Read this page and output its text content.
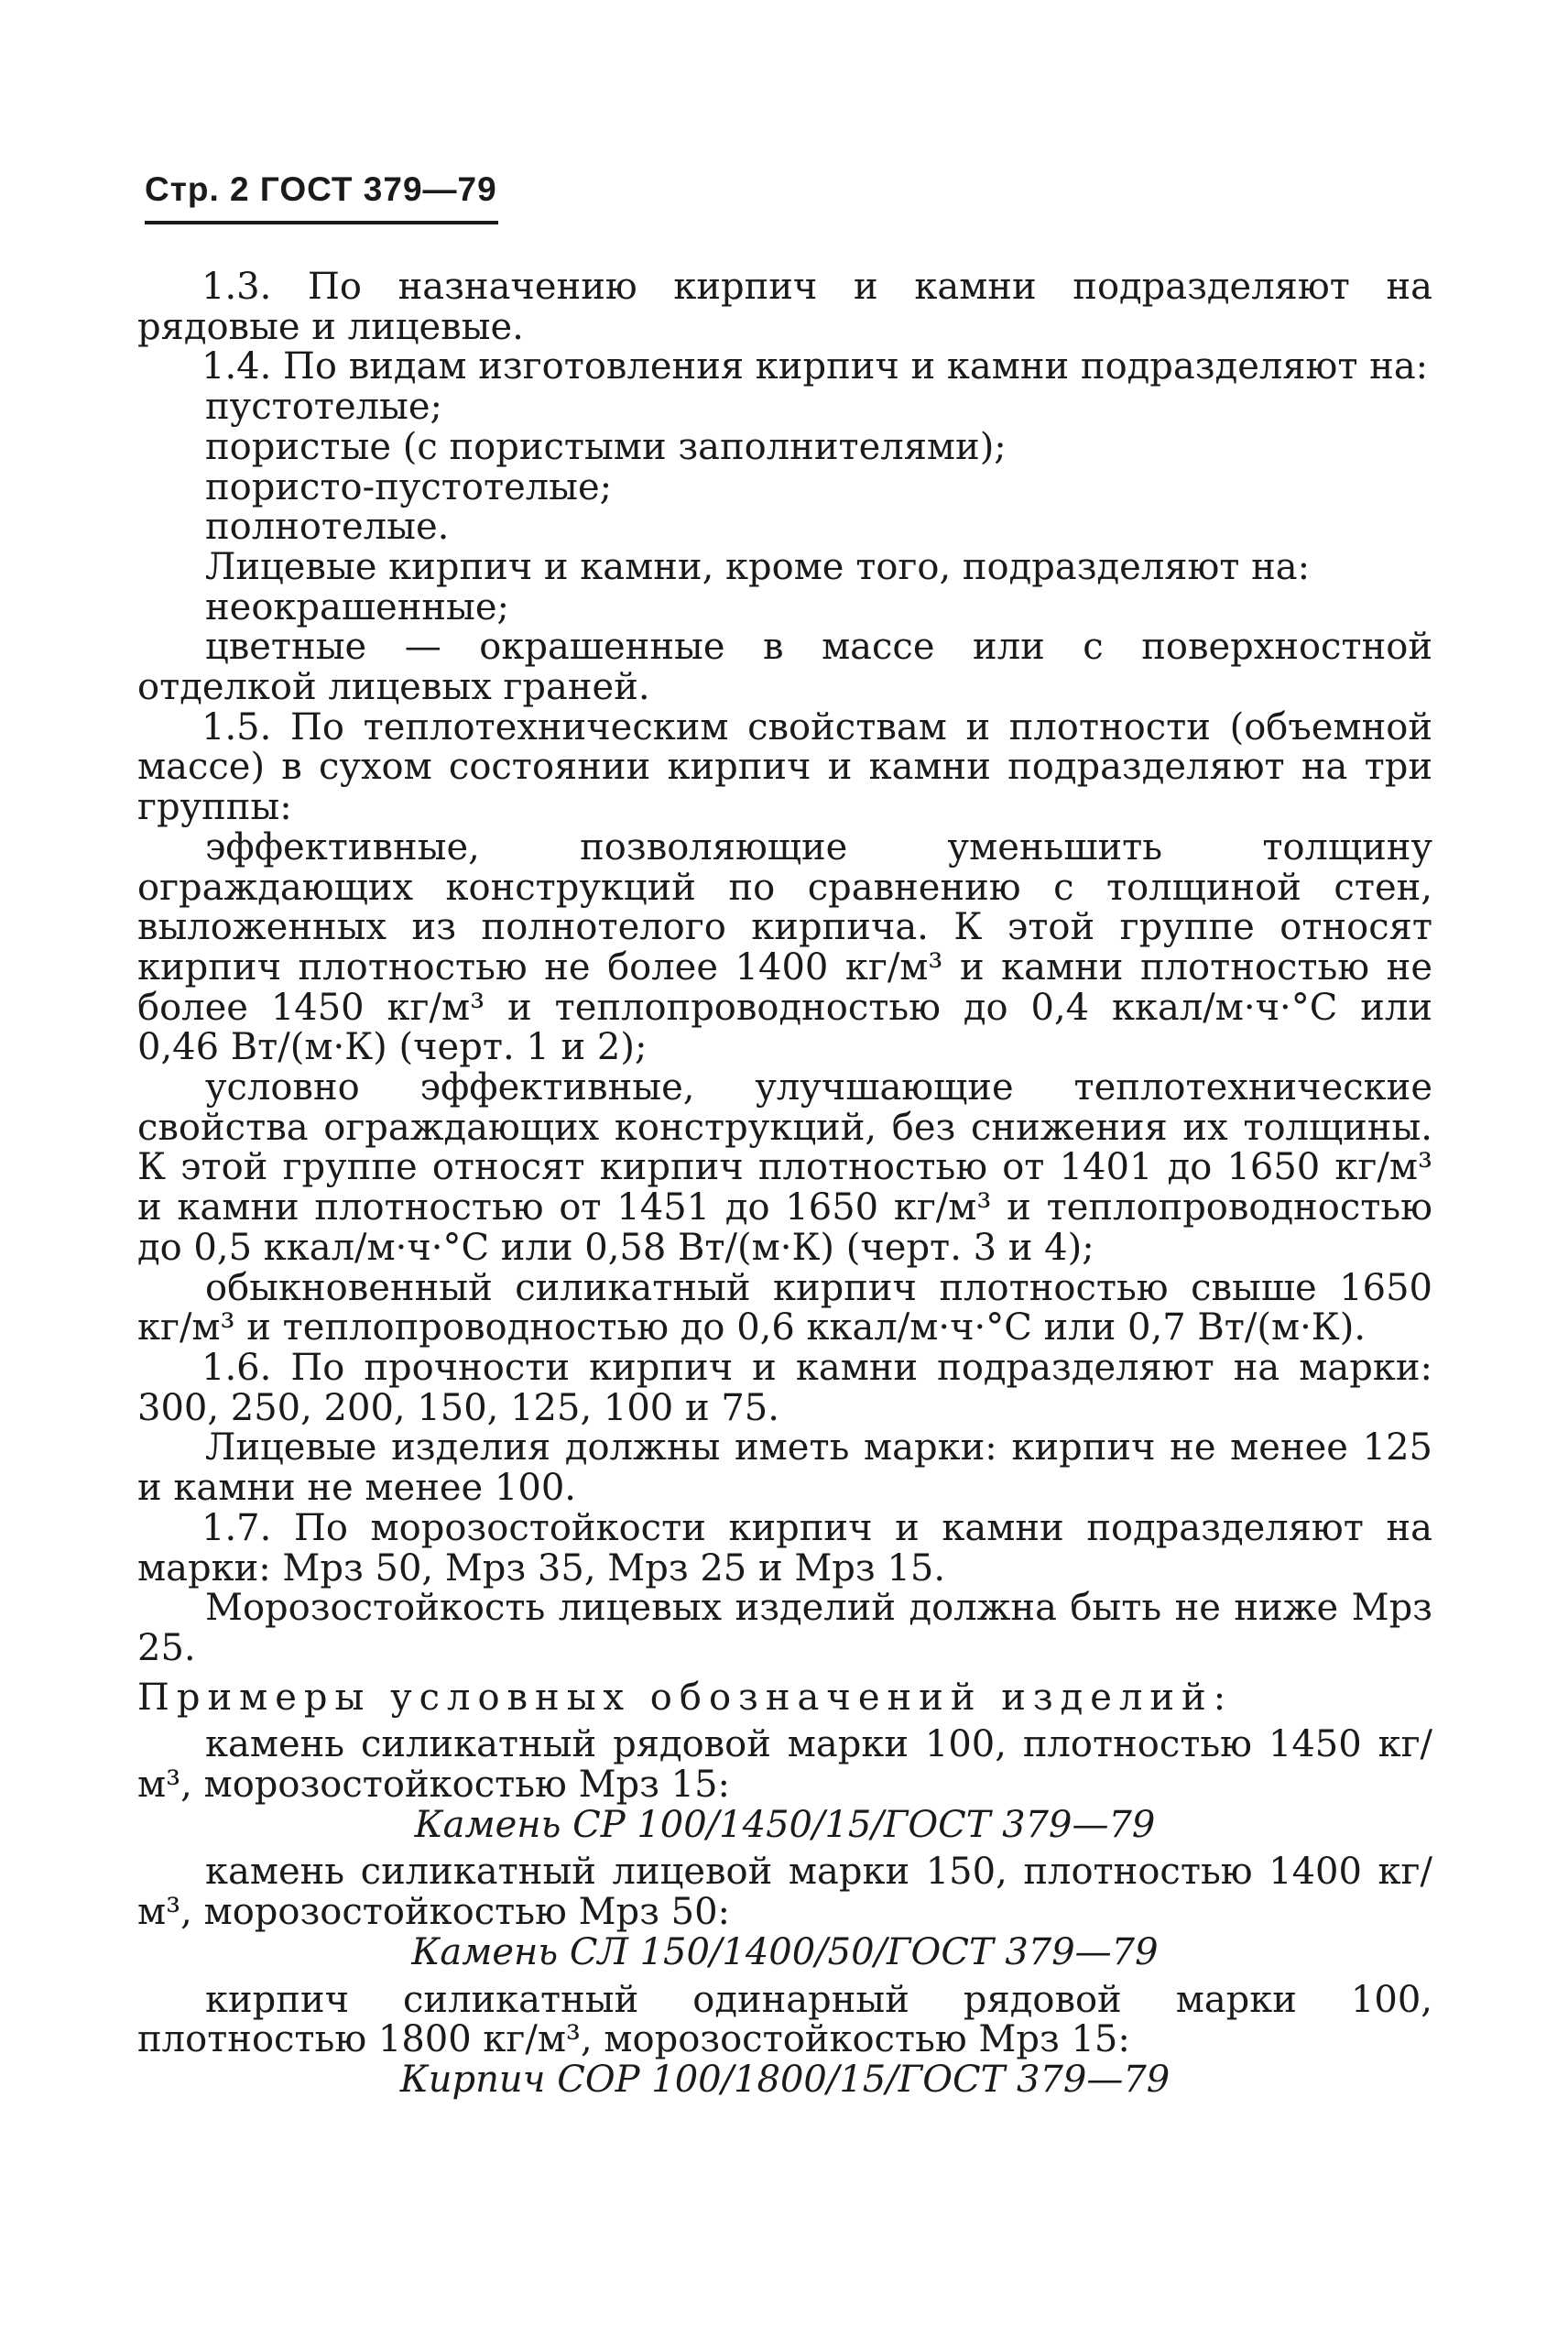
Стр. 2 ГОСТ 379—79

1.3. По назначению кирпич и камни подразделяют на рядовые и лицевые.

1.4. По видам изготовления кирпич и камни подразделяют на:

пустотелые;

пористые (с пористыми заполнителями);

пористо-пустотелые;

полнотелые.

Лицевые кирпич и камни, кроме того, подразделяют на:

неокрашенные;

цветные — окрашенные в массе или с поверхностной отделкой лицевых граней.

1.5. По теплотехническим свойствам и плотности (объемной массе) в сухом состоянии кирпич и камни подразделяют на три группы:

эффективные, позволяющие уменьшить толщину ограждающих конструкций по сравнению с толщиной стен, выложенных из полнотелого кирпича. К этой группе относят кирпич плотностью не более 1400 кг/м³ и камни плотностью не более 1450 кг/м³ и теплопроводностью до 0,4 ккал/м·ч·°С или 0,46 Вт/(м·К) (черт. 1 и 2);

условно эффективные, улучшающие теплотехнические свойства ограждающих конструкций, без снижения их толщины. К этой группе относят кирпич плотностью от 1401 до 1650 кг/м³ и камни плотностью от 1451 до 1650 кг/м³ и теплопроводностью до 0,5 ккал/м·ч·°С или 0,58 Вт/(м·К) (черт. 3 и 4);

обыкновенный силикатный кирпич плотностью свыше 1650 кг/м³ и теплопроводностью до 0,6 ккал/м·ч·°С или 0,7 Вт/(м·К).

1.6. По прочности кирпич и камни подразделяют на марки: 300, 250, 200, 150, 125, 100 и 75.

Лицевые изделия должны иметь марки: кирпич не менее 125 и камни не менее 100.

1.7. По морозостойкости кирпич и камни подразделяют на марки: Мрз 50, Мрз 35, Мрз 25 и Мрз 15.

Морозостойкость лицевых изделий должна быть не ниже Мрз 25.

Примеры условных обозначений изделий:

камень силикатный рядовой марки 100, плотностью 1450 кг/м³, морозостойкостью Мрз 15:

Камень СР 100/1450/15/ГОСТ 379—79

камень силикатный лицевой марки 150, плотностью 1400 кг/м³, морозостойкостью Мрз 50:

Камень СЛ 150/1400/50/ГОСТ 379—79

кирпич силикатный одинарный рядовой марки 100, плотностью 1800 кг/м³, морозостойкостью Мрз 15:

Кирпич СОР 100/1800/15/ГОСТ 379—79
